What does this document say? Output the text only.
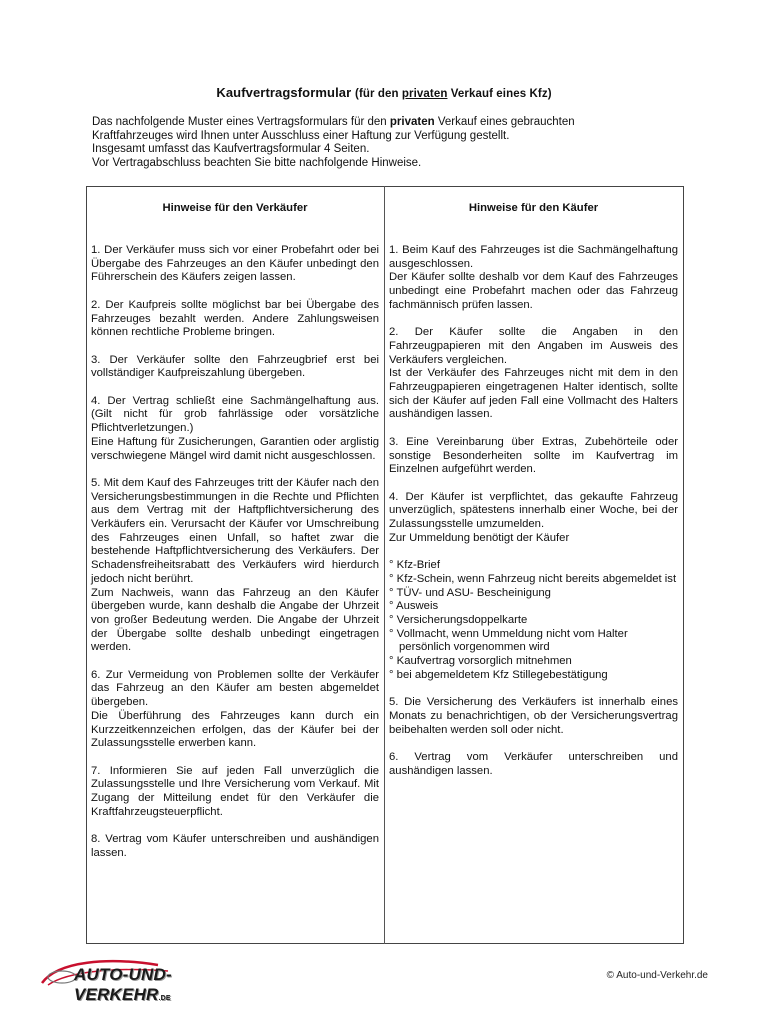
Kaufvertragsformular (für den privaten Verkauf eines Kfz)

Das nachfolgende Muster eines Vertragsformulars für den privaten Verkauf eines gebrauchten

Kraftfahrzeuges wird Ihnen unter Ausschluss einer Haftung zur Verfügung gestellt.

Insgesamt umfasst das Kaufvertragsformular 4 Seiten.

Vor Vertragabschluss beachten Sie bitte nachfolgende Hinweise.

Hinweise für den Verkäufer

1. Der Verkäufer muss sich vor einer Probefahrt oder bei Übergabe des Fahrzeuges an den Käufer unbedingt den Führerschein des Käufers zeigen lassen.

2. Der Kaufpreis sollte möglichst bar bei Übergabe des Fahrzeuges bezahlt werden. Andere Zahlungsweisen können rechtliche Probleme bringen.

3. Der Verkäufer sollte den Fahrzeugbrief erst bei vollständiger Kaufpreiszahlung übergeben.

4. Der Vertrag schließt eine Sachmängelhaftung aus. (Gilt nicht für grob fahrlässige oder vorsätzliche Pflichtverletzungen.)

Eine Haftung für Zusicherungen, Garantien oder arglistig verschwiegene Mängel wird damit nicht ausgeschlossen.

5. Mit dem Kauf des Fahrzeuges tritt der Käufer nach den Versicherungsbestimmungen in die Rechte und Pflichten aus dem Vertrag mit der Haftpflichtversicherung des Verkäufers ein. Verursacht der Käufer vor Umschreibung des Fahrzeuges einen Unfall, so haftet zwar die bestehende Haftpflichtversicherung des Verkäufers. Der Schadensfreiheitsrabatt des Verkäufers wird hierdurch jedoch nicht berührt.

Zum Nachweis, wann das Fahrzeug an den Käufer übergeben wurde, kann deshalb die Angabe der Uhrzeit von großer Bedeutung werden. Die Angabe der Uhrzeit der Übergabe sollte deshalb unbedingt eingetragen werden.

6. Zur Vermeidung von Problemen sollte der Verkäufer das Fahrzeug an den Käufer am besten abgemeldet übergeben.

Die Überführung des Fahrzeuges kann durch ein Kurzzeitkennzeichen erfolgen, das der Käufer bei der Zulassungsstelle erwerben kann.

7. Informieren Sie auf jeden Fall unverzüglich die Zulassungsstelle und Ihre Versicherung vom Verkauf. Mit Zugang der Mitteilung endet für den Verkäufer die Kraftfahrzeugsteuerpflicht.

8. Vertrag vom Käufer unterschreiben und aushändigen lassen.

Hinweise für den Käufer

1. Beim Kauf des Fahrzeuges ist die Sachmängelhaftung ausgeschlossen.

Der Käufer sollte deshalb vor dem Kauf des Fahrzeuges unbedingt eine Probefahrt machen oder das Fahrzeug fachmännisch prüfen lassen.

2. Der Käufer sollte die Angaben in den Fahrzeugpapieren mit den Angaben im Ausweis des Verkäufers vergleichen.

Ist der Verkäufer des Fahrzeuges nicht mit dem in den Fahrzeugpapieren eingetragenen Halter identisch, sollte sich der Käufer auf jeden Fall eine Vollmacht des Halters aushändigen lassen.

3. Eine Vereinbarung über Extras, Zubehörteile oder sonstige Besonderheiten sollte im Kaufvertrag im Einzelnen aufgeführt werden.

4. Der Käufer ist verpflichtet, das gekaufte Fahrzeug unverzüglich, spätestens innerhalb einer Woche, bei der Zulassungsstelle umzumelden.

Zur Ummeldung benötigt der Käufer

° Kfz-Brief
° Kfz-Schein, wenn Fahrzeug nicht bereits abgemeldet ist
° TÜV- und ASU- Bescheinigung
° Ausweis
° Versicherungsdoppelkarte
° Vollmacht, wenn Ummeldung nicht vom Halter persönlich vorgenommen wird
° Kaufvertrag vorsorglich mitnehmen
° bei abgemeldetem Kfz Stillegebestätigung

5. Die Versicherung des Verkäufers ist innerhalb eines Monats zu benachrichtigen, ob der Versicherungsvertrag beibehalten werden soll oder nicht.

6. Vertrag vom Verkäufer unterschreiben und aushändigen lassen.

AUTO-UND-VERKEHR.DE
© Auto-und-Verkehr.de
